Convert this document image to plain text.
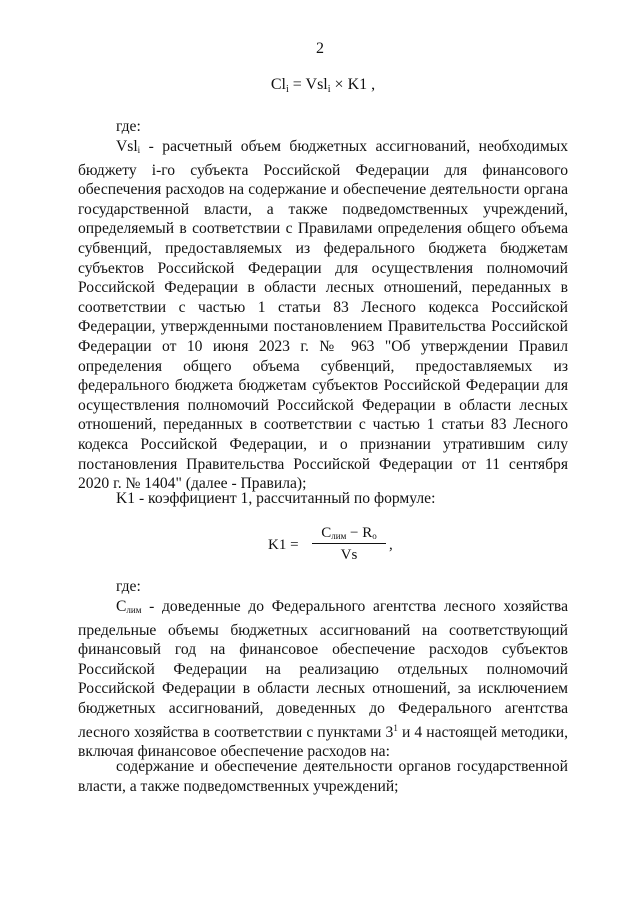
2
$Cl_i = Vsl_i \times K1$ ,
где:

Vsl$_i$ - расчетный объем бюджетных ассигнований, необходимых бюджету i-го субъекта Российской Федерации для финансового обеспечения расходов на содержание и обеспечение деятельности органа государственной власти, а также подведомственных учреждений, определяемый в соответствии с Правилами определения общего объема субвенций, предоставляемых из федерального бюджета бюджетам субъектов Российской Федерации для осуществления полномочий Российской Федерации в области лесных отношений, переданных в соответствии с частью 1 статьи 83 Лесного кодекса Российской Федерации, утвержденными постановлением Правительства Российской Федерации от 10 июня 2023 г. № 963 "Об утверждении Правил определения общего объема субвенций, предоставляемых из федерального бюджета бюджетам субъектов Российской Федерации для осуществления полномочий Российской Федерации в области лесных отношений, переданных в соответствии с частью 1 статьи 83 Лесного кодекса Российской Федерации, и о признании утратившим силу постановления Правительства Российской Федерации от 11 сентября 2020 г. № 1404" (далее - Правила);

K1 - коэффициент 1, рассчитанный по формуле:

K1 =
$C_{лим} - R_о$
Vs
,
где:

$C_{лим}$ - доведенные до Федерального агентства лесного хозяйства предельные объемы бюджетных ассигнований на соответствующий финансовый год на финансовое обеспечение расходов субъектов Российской Федерации на реализацию отдельных полномочий Российской Федерации в области лесных отношений, за исключением бюджетных ассигнований, доведенных до Федерального агентства лесного хозяйства в соответствии с пунктами $3^1$ и 4 настоящей методики, включая финансовое обеспечение расходов на:

содержание и обеспечение деятельности органов государственной власти, а также подведомственных учреждений;
